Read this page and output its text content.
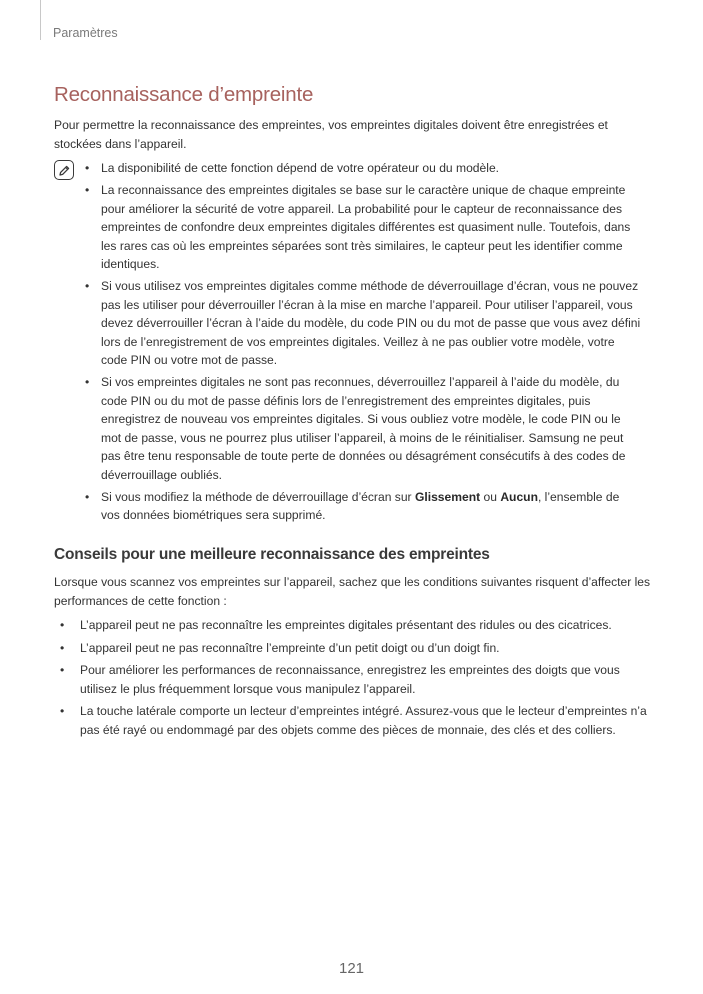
Paramètres
Reconnaissance d’empreinte

Pour permettre la reconnaissance des empreintes, vos empreintes digitales doivent être enregistrées et stockées dans l’appareil.

• La disponibilité de cette fonction dépend de votre opérateur ou du modèle.
• La reconnaissance des empreintes digitales se base sur le caractère unique de chaque empreinte pour améliorer la sécurité de votre appareil. La probabilité pour le capteur de reconnaissance des empreintes de confondre deux empreintes digitales différentes est quasiment nulle. Toutefois, dans les rares cas où les empreintes séparées sont très similaires, le capteur peut les identifier comme identiques.
• Si vous utilisez vos empreintes digitales comme méthode de déverrouillage d’écran, vous ne pouvez pas les utiliser pour déverrouiller l’écran à la mise en marche l’appareil. Pour utiliser l’appareil, vous devez déverrouiller l’écran à l’aide du modèle, du code PIN ou du mot de passe que vous avez défini lors de l’enregistrement de vos empreintes digitales. Veillez à ne pas oublier votre modèle, votre code PIN ou votre mot de passe.
• Si vos empreintes digitales ne sont pas reconnues, déverrouillez l’appareil à l’aide du modèle, du code PIN ou du mot de passe définis lors de l’enregistrement des empreintes digitales, puis enregistrez de nouveau vos empreintes digitales. Si vous oubliez votre modèle, le code PIN ou le mot de passe, vous ne pourrez plus utiliser l’appareil, à moins de le réinitialiser. Samsung ne peut pas être tenu responsable de toute perte de données ou désagrément consécutifs à des codes de déverrouillage oubliés.
• Si vous modifiez la méthode de déverrouillage d’écran sur Glissement ou Aucun, l’ensemble de vos données biométriques sera supprimé.
Conseils pour une meilleure reconnaissance des empreintes

Lorsque vous scannez vos empreintes sur l’appareil, sachez que les conditions suivantes risquent d’affecter les performances de cette fonction :

• L’appareil peut ne pas reconnaître les empreintes digitales présentant des ridules ou des cicatrices.
• L’appareil peut ne pas reconnaître l’empreinte d’un petit doigt ou d’un doigt fin.
• Pour améliorer les performances de reconnaissance, enregistrez les empreintes des doigts que vous utilisez le plus fréquemment lorsque vous manipulez l’appareil.
• La touche latérale comporte un lecteur d’empreintes intégré. Assurez-vous que le lecteur d’empreintes n’a pas été rayé ou endommagé par des objets comme des pièces de monnaie, des clés et des colliers.
121
